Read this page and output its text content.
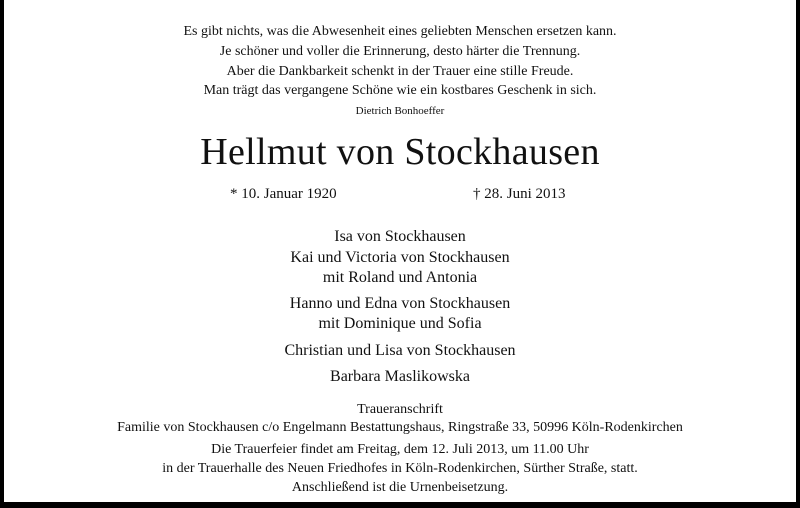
Es gibt nichts, was die Abwesenheit eines geliebten Menschen ersetzen kann.
Je schöner und voller die Erinnerung, desto härter die Trennung.
Aber die Dankbarkeit schenkt in der Trauer eine stille Freude.
Man trägt das vergangene Schöne wie ein kostbares Geschenk in sich.
Dietrich Bonhoeffer
Hellmut von Stockhausen
* 10. Januar 1920	† 28. Juni 2013
Isa von Stockhausen
Kai und Victoria von Stockhausen
mit Roland und Antonia
Hanno und Edna von Stockhausen
mit Dominique und Sofia
Christian und Lisa von Stockhausen
Barbara Maslikowska
Traueranschrift
Familie von Stockhausen c/o Engelmann Bestattungshaus, Ringstraße 33, 50996 Köln-Rodenkirchen
Die Trauerfeier findet am Freitag, dem 12. Juli 2013, um 11.00 Uhr
in der Trauerhalle des Neuen Friedhofes in Köln-Rodenkirchen, Sürther Straße, statt.
Anschließend ist die Urnenbeisetzung.
